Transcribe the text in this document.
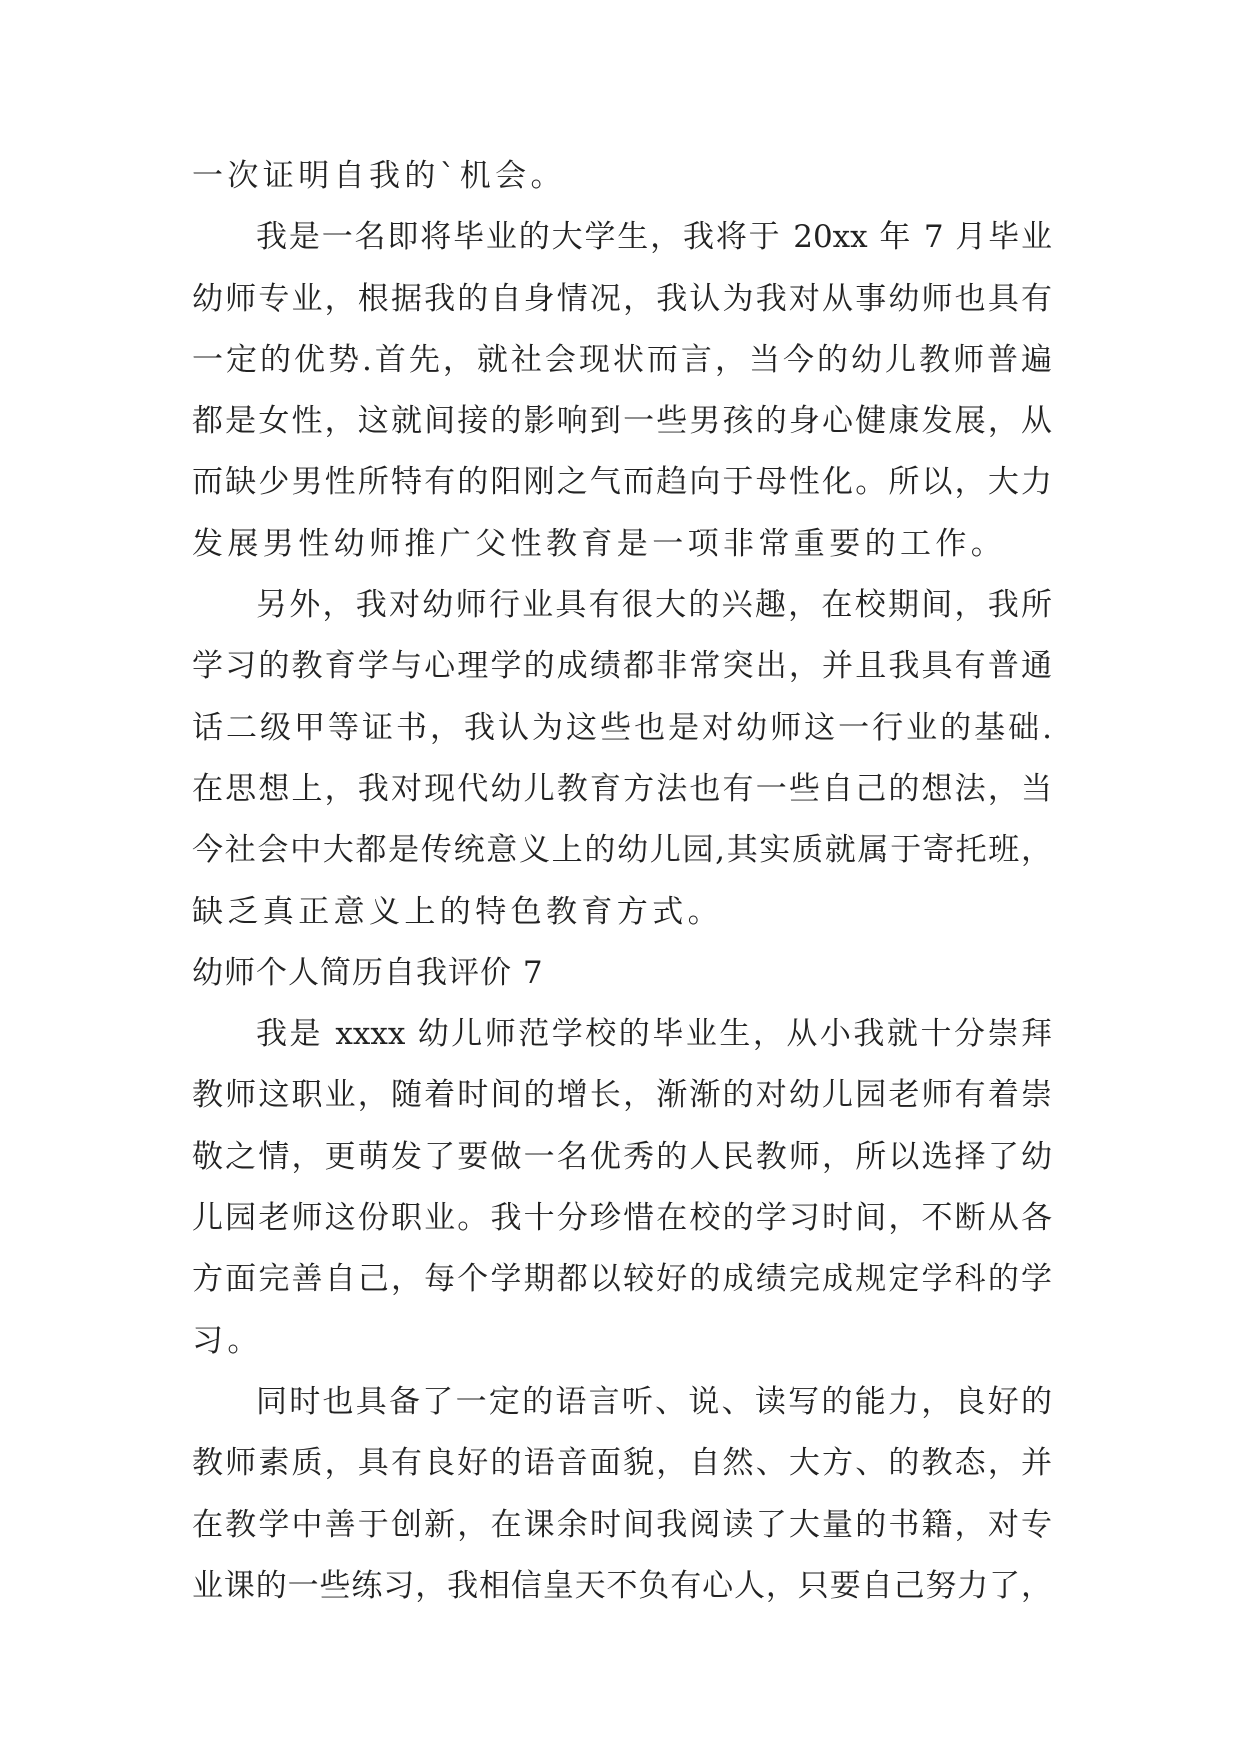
一次证明自我的`机会。
我是一名即将毕业的大学生，我将于 20xx 年 7 月毕业
幼师专业，根据我的自身情况，我认为我对从事幼师也具有
一定的优势.首先，就社会现状而言，当今的幼儿教师普遍
都是女性，这就间接的影响到一些男孩的身心健康发展，从
而缺少男性所特有的阳刚之气而趋向于母性化。所以，大力
发展男性幼师推广父性教育是一项非常重要的工作。
另外，我对幼师行业具有很大的兴趣，在校期间，我所
学习的教育学与心理学的成绩都非常突出，并且我具有普通
话二级甲等证书，我认为这些也是对幼师这一行业的基础.
在思想上，我对现代幼儿教育方法也有一些自己的想法，当
今社会中大都是传统意义上的幼儿园,其实质就属于寄托班，
缺乏真正意义上的特色教育方式。
幼师个人简历自我评价 7
我是 xxxx 幼儿师范学校的毕业生，从小我就十分崇拜
教师这职业，随着时间的增长，渐渐的对幼儿园老师有着崇
敬之情，更萌发了要做一名优秀的人民教师，所以选择了幼
儿园老师这份职业。我十分珍惜在校的学习时间，不断从各
方面完善自己，每个学期都以较好的成绩完成规定学科的学
习。
同时也具备了一定的语言听、说、读写的能力，良好的
教师素质，具有良好的语音面貌，自然、大方、的教态，并
在教学中善于创新，在课余时间我阅读了大量的书籍，对专
业课的一些练习，我相信皇天不负有心人，只要自己努力了，
